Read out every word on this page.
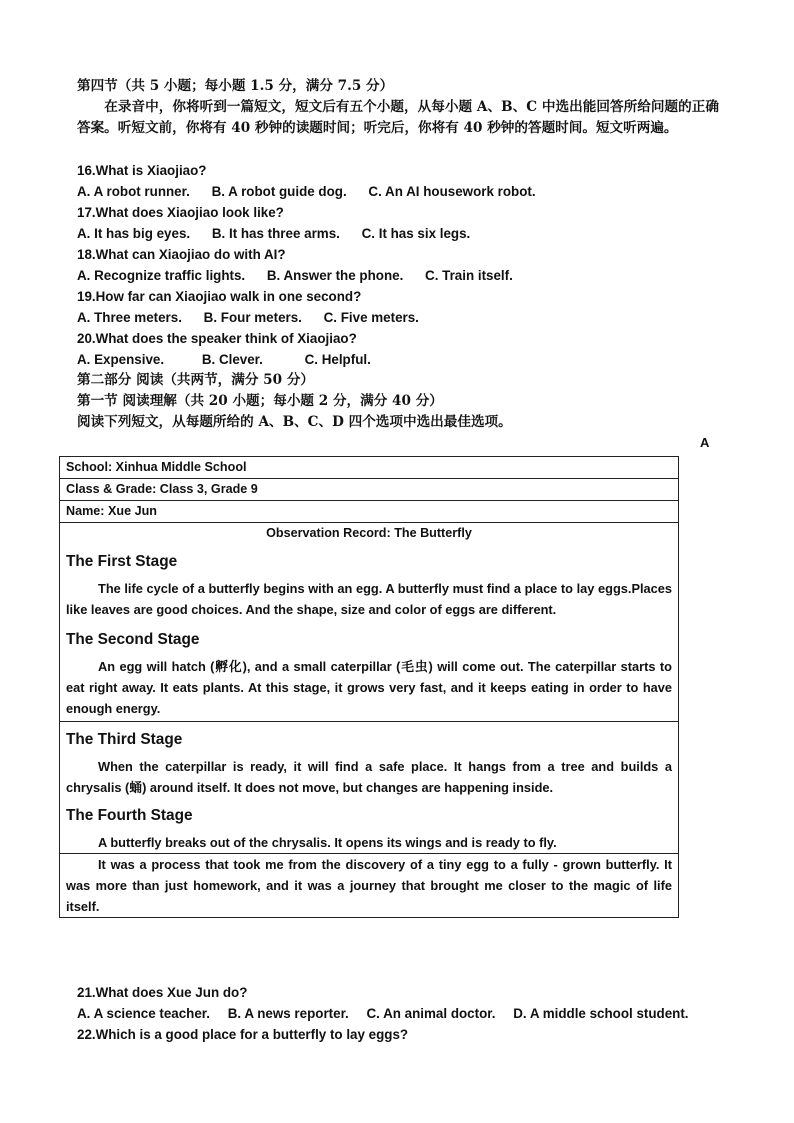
第四节（共 5 小题；每小题 1.5 分，满分 7.5 分）
在录音中，你将听到一篇短文，短文后有五个小题，从每小题 A、B、C 中选出能回答所给问题的正确答案。听短文前，你将有 40 秒钟的读题时间；听完后，你将有 40 秒钟的答题时间。短文听两遍。
16.What is Xiaojiao?
A. A robot runner. B. A robot guide dog. C. An AI housework robot.
17.What does Xiaojiao look like?
A. It has big eyes. B. It has three arms. C. It has six legs.
18.What can Xiaojiao do with AI?
A. Recognize traffic lights. B. Answer the phone. C. Train itself.
19.How far can Xiaojiao walk in one second?
A. Three meters. B. Four meters. C. Five meters.
20.What does the speaker think of Xiaojiao?
A. Expensive.	B. Clever.	C. Helpful.
第二部分 阅读（共两节，满分 50 分）
第一节 阅读理解（共 20 小题；每小题 2 分，满分 40 分）
阅读下列短文，从每题所给的 A、B、C、D 四个选项中选出最佳选项。
A
School: Xinhua Middle School
Class & Grade: Class 3, Grade 9
Name: Xue Jun
Observation Record: The Butterfly
The First Stage
The life cycle of a butterfly begins with an egg. A butterfly must find a place to lay eggs.Places like leaves are good choices. And the shape, size and color of eggs are different.
The Second Stage
An egg will hatch (孵化), and a small caterpillar (毛虫) will come out. The caterpillar starts to eat right away. It eats plants. At this stage, it grows very fast, and it keeps eating in order to have enough energy.
The Third Stage
When the caterpillar is ready, it will find a safe place. It hangs from a tree and builds a chrysalis (蛹) around itself. It does not move, but changes are happening inside.
The Fourth Stage
A butterfly breaks out of the chrysalis. It opens its wings and is ready to fly.
It was a process that took me from the discovery of a tiny egg to a fully - grown butterfly. It was more than just homework, and it was a journey that brought me closer to the magic of life itself.
21.What does Xue Jun do?
A. A science teacher. B. A news reporter. C. An animal doctor. D. A middle school student.
22.Which is a good place for a butterfly to lay eggs?
